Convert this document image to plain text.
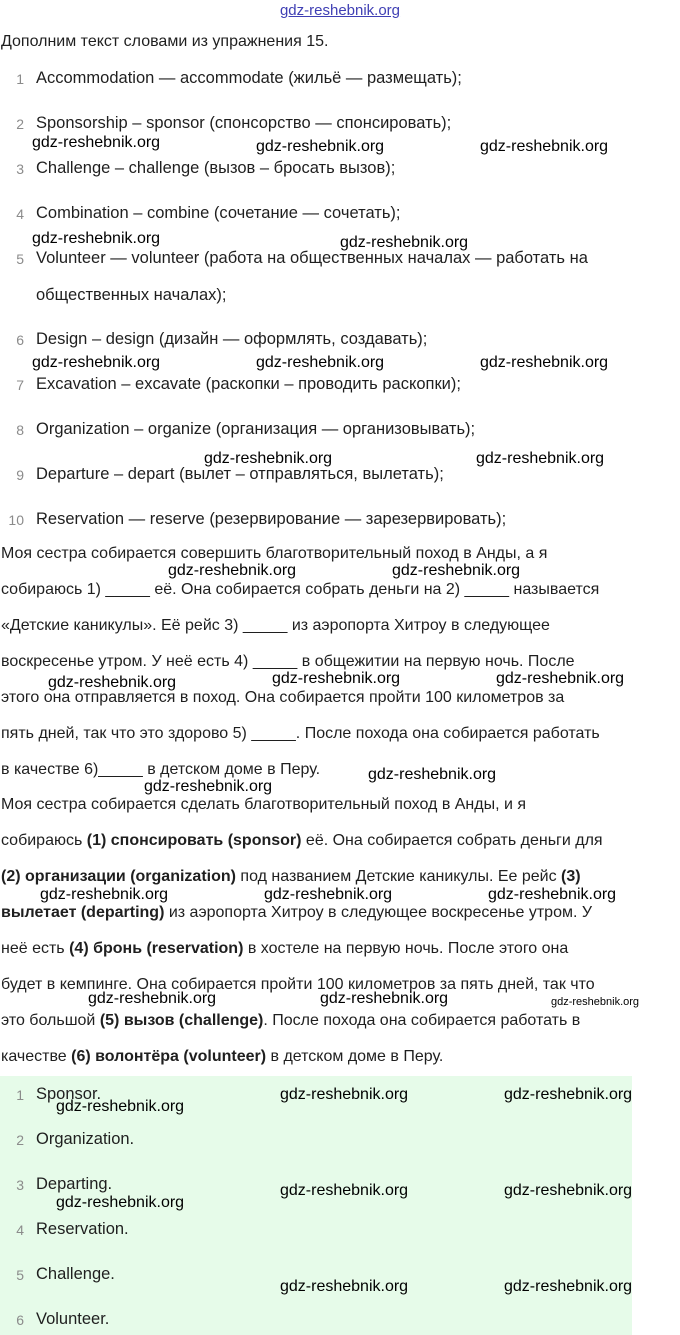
gdz-reshebnik.org
Дополним текст словами из упражнения 15.
1 Accommodation — accommodate (жильё — размещать);
2 Sponsorship – sponsor (спонсорство — спонсировать);
3 Challenge – challenge (вызов – бросать вызов);
4 Combination – combine (сочетание — сочетать);
5 Volunteer — volunteer (работа на общественных началах — работать на
общественных началах);
6 Design – design (дизайн — оформлять, создавать);
7 Excavation – excavate (раскопки – проводить раскопки);
8 Organization – organize (организация — организовывать);
9 Departure – depart (вылет – отправляться, вылетать);
10 Reservation — reserve (резервирование — зарезервировать);
Моя сестра собирается совершить благотворительный поход в Анды, а я
собираюсь 1) _____ её. Она собирается собрать деньги на 2) _____ называется
«Детские каникулы». Её рейс 3) _____ из аэропорта Хитроу в следующее
воскресенье утром. У неё есть 4) _____ в общежитии на первую ночь. После
этого она отправляется в поход. Она собирается пройти 100 километров за
пять дней, так что это здорово 5) _____. После похода она собирается работать
в качестве 6)_____ в детском доме в Перу.
Моя сестра собирается сделать благотворительный поход в Анды, и я
собираюсь (1) спонсировать (sponsor) её. Она собирается собрать деньги для
(2) организации (organization) под названием Детские каникулы. Ее рейс (3)
вылетает (departing) из аэропорта Хитроу в следующее воскресенье утром. У
неё есть (4) бронь (reservation) в хостеле на первую ночь. После этого она
будет в кемпинге. Она собирается пройти 100 километров за пять дней, так что
это большой (5) вызов (challenge). После похода она собирается работать в
качестве (6) волонтёра (volunteer) в детском доме в Перу.
1 Sponsor.
2 Organization.
3 Departing.
4 Reservation.
5 Challenge.
6 Volunteer.
gdz-reshebnik.org	gdz-reshebnik.org	gdz-reshebnik.org
gdz-reshebnik.org	gdz-reshebnik.org
gdz-reshebnik.org	gdz-reshebnik.org	gdz-reshebnik.org
gdz-reshebnik.org	gdz-reshebnik.org
gdz-reshebnik.org	gdz-reshebnik.org
gdz-reshebnik.org	gdz-reshebnik.org	gdz-reshebnik.org
gdz-reshebnik.org
gdz-reshebnik.org
gdz-reshebnik.org	gdz-reshebnik.org	gdz-reshebnik.org
gdz-reshebnik.org	gdz-reshebnik.org	gdz-reshebnik.org
gdz-reshebnik.org	gdz-reshebnik.org
gdz-reshebnik.org
gdz-reshebnik.org	gdz-reshebnik.org
gdz-reshebnik.org
gdz-reshebnik.org	gdz-reshebnik.org
